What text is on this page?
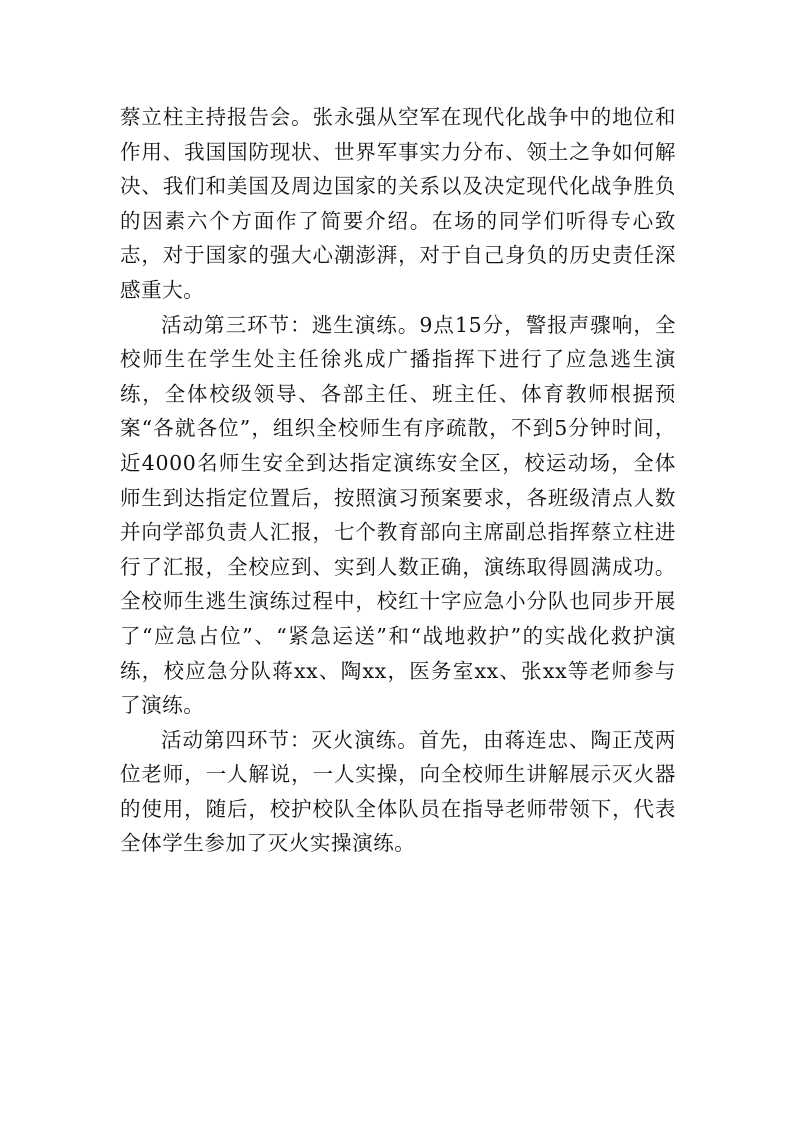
蔡立柱主持报告会。张永强从空军在现代化战争中的地位和作用、我国国防现状、世界军事实力分布、领土之争如何解决、我们和美国及周边国家的关系以及决定现代化战争胜负的因素六个方面作了简要介绍。在场的同学们听得专心致志，对于国家的强大心潮澎湃，对于自己身负的历史责任深感重大。

活动第三环节：逃生演练。9点15分，警报声骤响，全校师生在学生处主任徐兆成广播指挥下进行了应急逃生演练，全体校级领导、各部主任、班主任、体育教师根据预案“各就各位”，组织全校师生有序疏散，不到5分钟时间，近4000名师生安全到达指定演练安全区，校运动场，全体师生到达指定位置后，按照演习预案要求，各班级清点人数并向学部负责人汇报，七个教育部向主席副总指挥蔡立柱进行了汇报，全校应到、实到人数正确，演练取得圆满成功。全校师生逃生演练过程中，校红十字应急小分队也同步开展了“应急占位”、“紧急运送”和“战地救护”的实战化救护演练，校应急分队蒋xx、陶xx，医务室xx、张xx等老师参与了演练。

活动第四环节：灭火演练。首先，由蒋连忠、陶正茂两位老师，一人解说，一人实操，向全校师生讲解展示灭火器的使用，随后，校护校队全体队员在指导老师带领下，代表全体学生参加了灭火实操演练。
